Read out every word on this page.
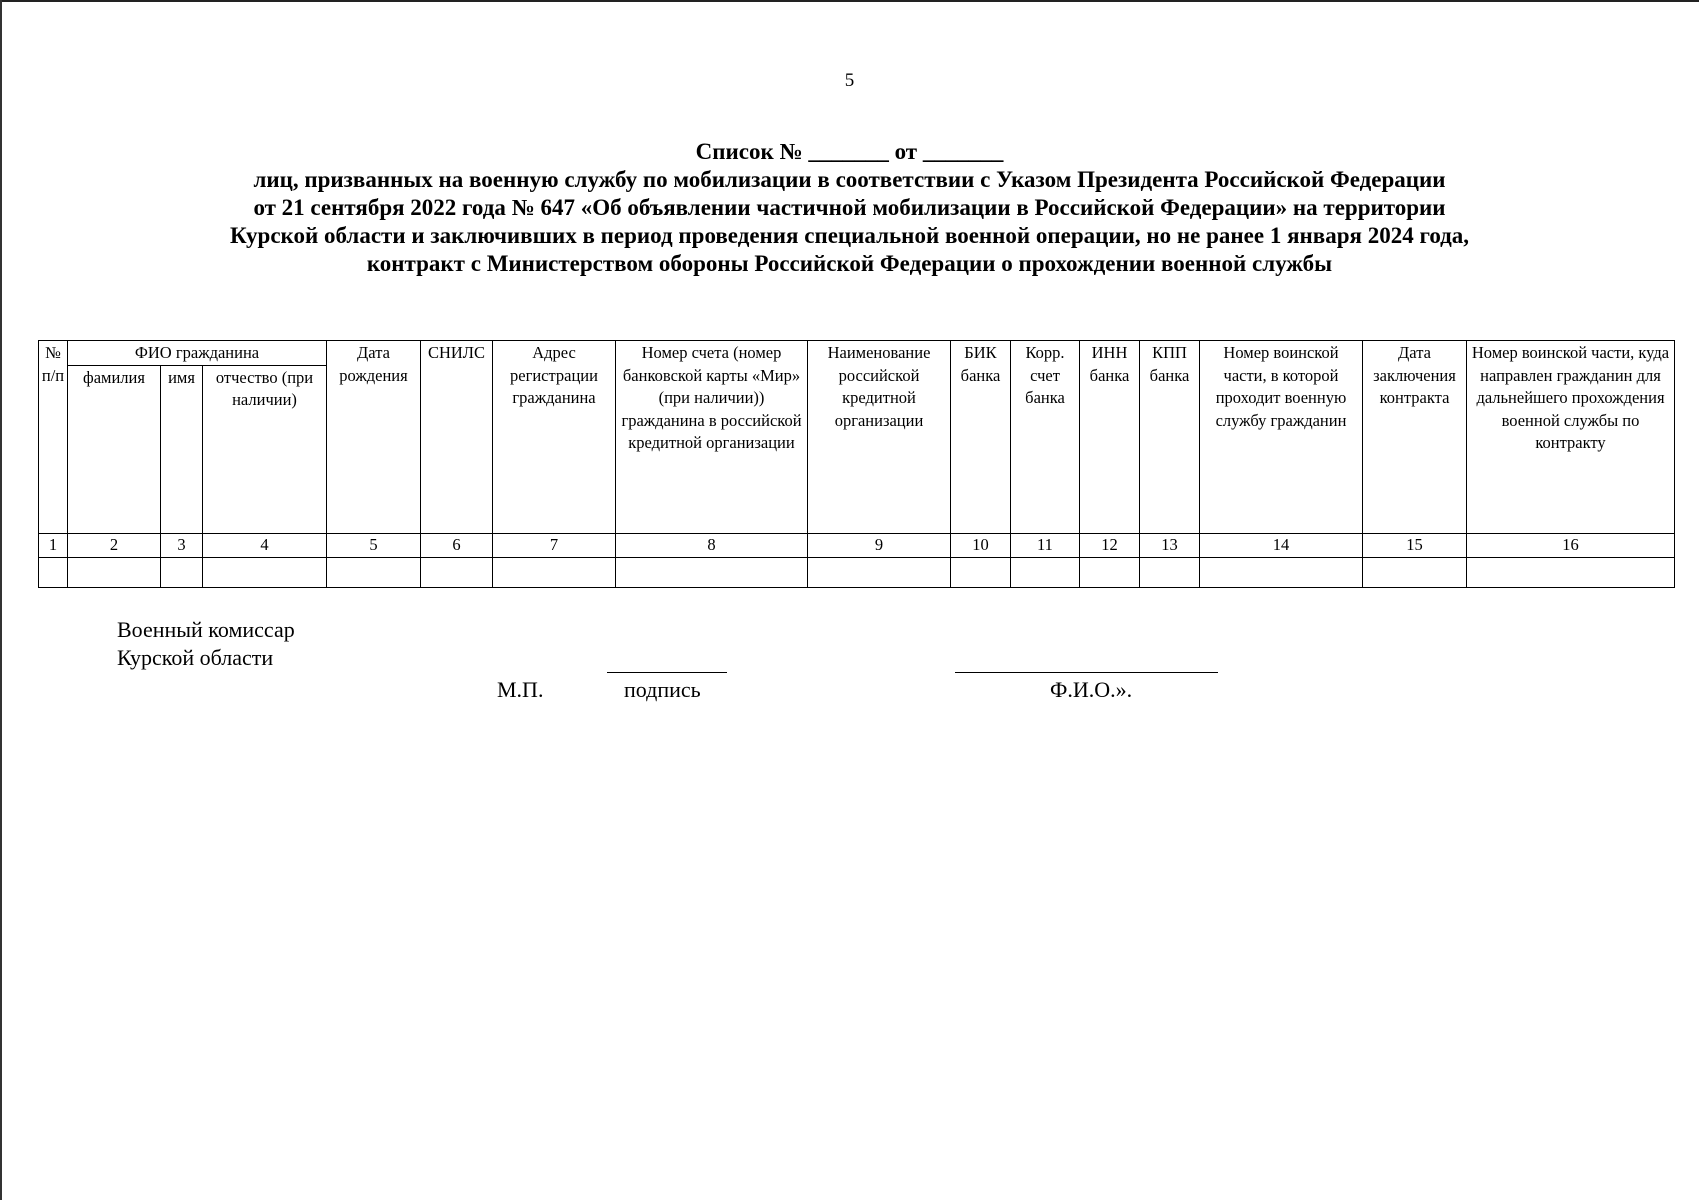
5
Список № _______ от _______
лиц, призванных на военную службу по мобилизации в соответствии с Указом Президента Российской Федерации
от 21 сентября 2022 года № 647 «Об объявлении частичной мобилизации в Российской Федерации» на территории
Курской области и заключивших в период проведения специальной военной операции, но не ранее 1 января 2024 года,
контракт с Министерством обороны Российской Федерации о прохождении военной службы
№ п/п	ФИО гражданина			Дата рождения	СНИЛС	Адрес регистрации гражданина	Номер счета (номер банковской карты «Мир» (при наличии)) гражданина в российской кредитной организации	Наименование российской кредитной организации	БИК банка	Корр. счет банка	ИНН банка	КПП банка	Номер воинской части, в которой проходит военную службу гражданин	Дата заключения контракта	Номер воинской части, куда направлен гражданин для дальнейшего прохождения военной службы по контракту
	фамилия	имя	отчество (при наличии)												
1	2	3	4	5	6	7	8	9	10	11	12	13	14	15	16

Военный комиссар
Курской области
М.П.	подпись	Ф.И.О.».
